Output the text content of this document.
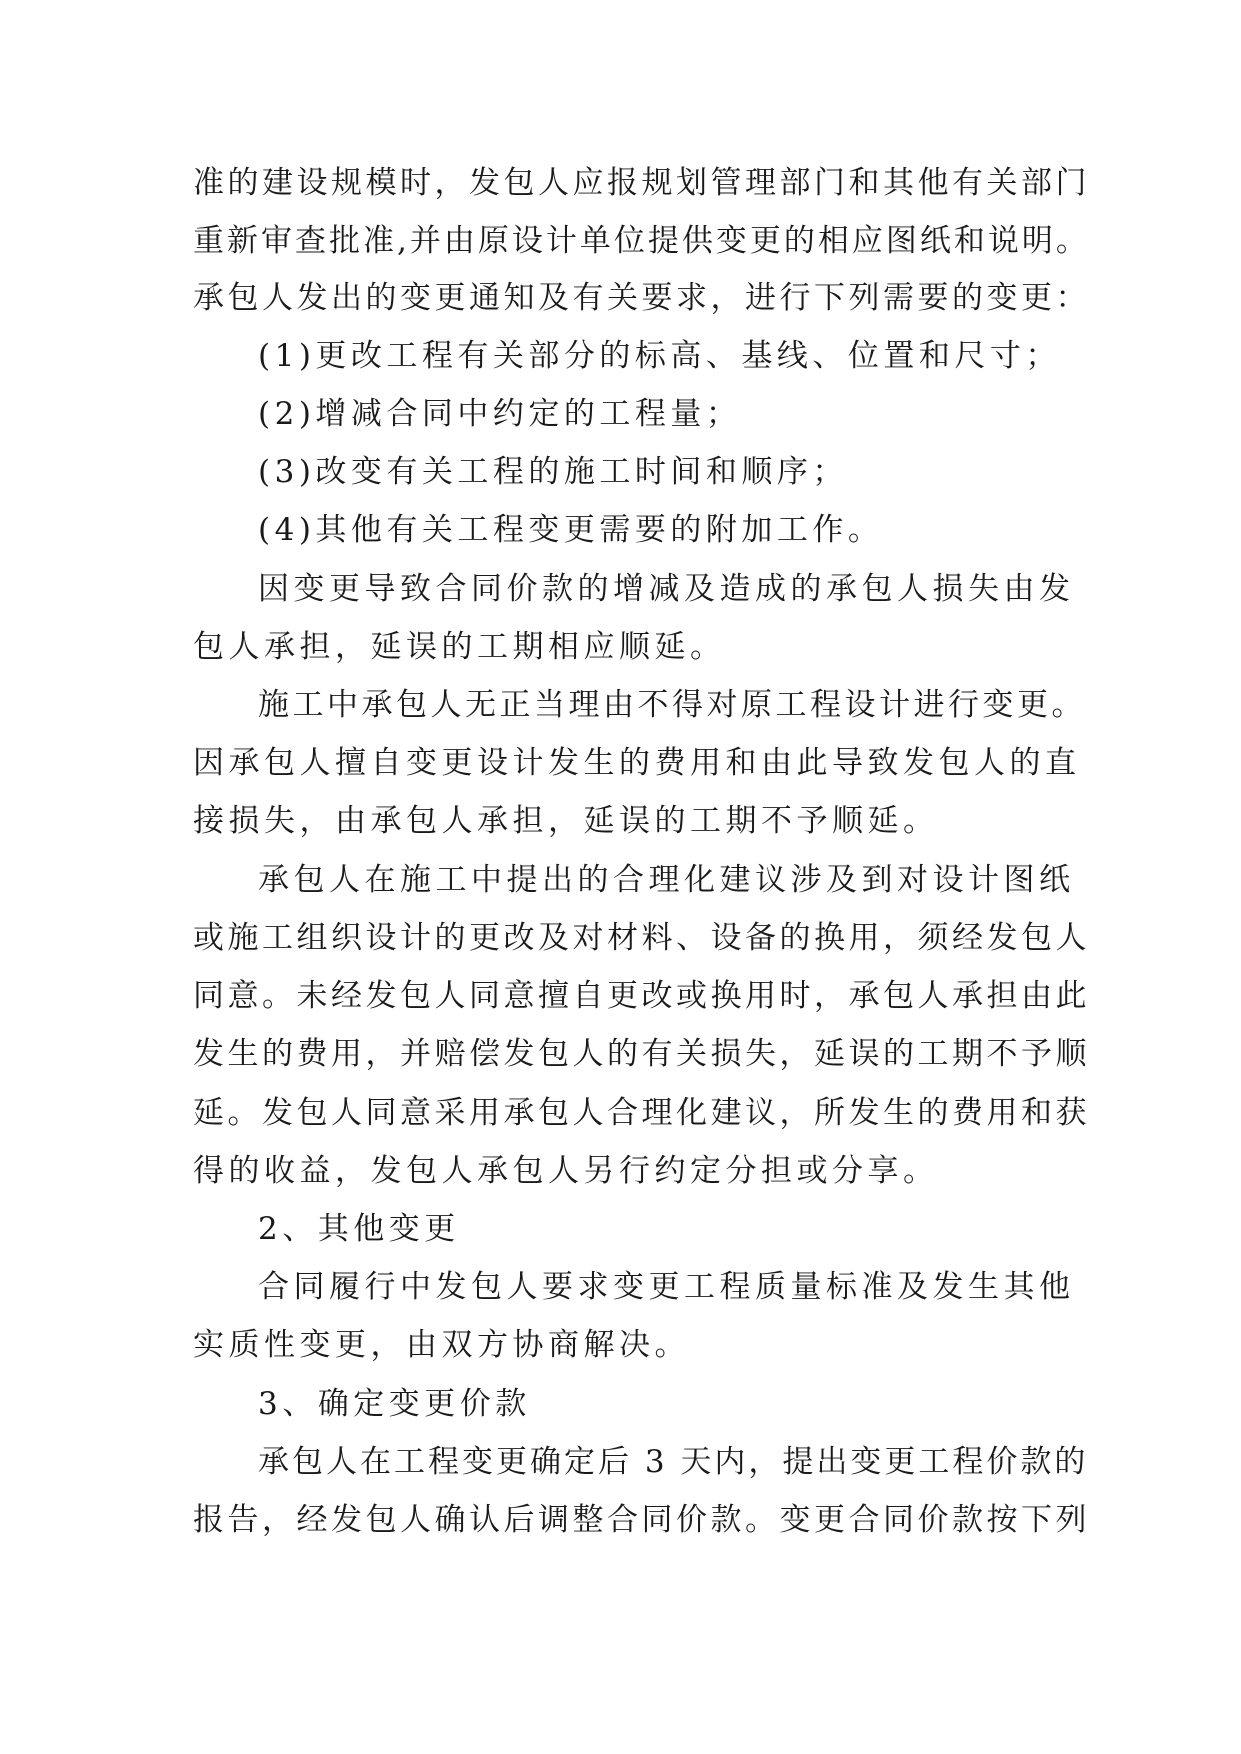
准的建设规模时，发包人应报规划管理部门和其他有关部门
重新审查批准,并由原设计单位提供变更的相应图纸和说明。
承包人发出的变更通知及有关要求，进行下列需要的变更：
(1)更改工程有关部分的标高、基线、位置和尺寸；
(2)增减合同中约定的工程量；
(3)改变有关工程的施工时间和顺序；
(4)其他有关工程变更需要的附加工作。
因变更导致合同价款的增减及造成的承包人损失由发
包人承担，延误的工期相应顺延。
施工中承包人无正当理由不得对原工程设计进行变更。
因承包人擅自变更设计发生的费用和由此导致发包人的直
接损失，由承包人承担，延误的工期不予顺延。
承包人在施工中提出的合理化建议涉及到对设计图纸
或施工组织设计的更改及对材料、设备的换用，须经发包人
同意。未经发包人同意擅自更改或换用时，承包人承担由此
发生的费用，并赔偿发包人的有关损失，延误的工期不予顺
延。发包人同意采用承包人合理化建议，所发生的费用和获
得的收益，发包人承包人另行约定分担或分享。
2、其他变更
合同履行中发包人要求变更工程质量标准及发生其他
实质性变更，由双方协商解决。
3、确定变更价款
承包人在工程变更确定后 3 天内，提出变更工程价款的
报告，经发包人确认后调整合同价款。变更合同价款按下列
